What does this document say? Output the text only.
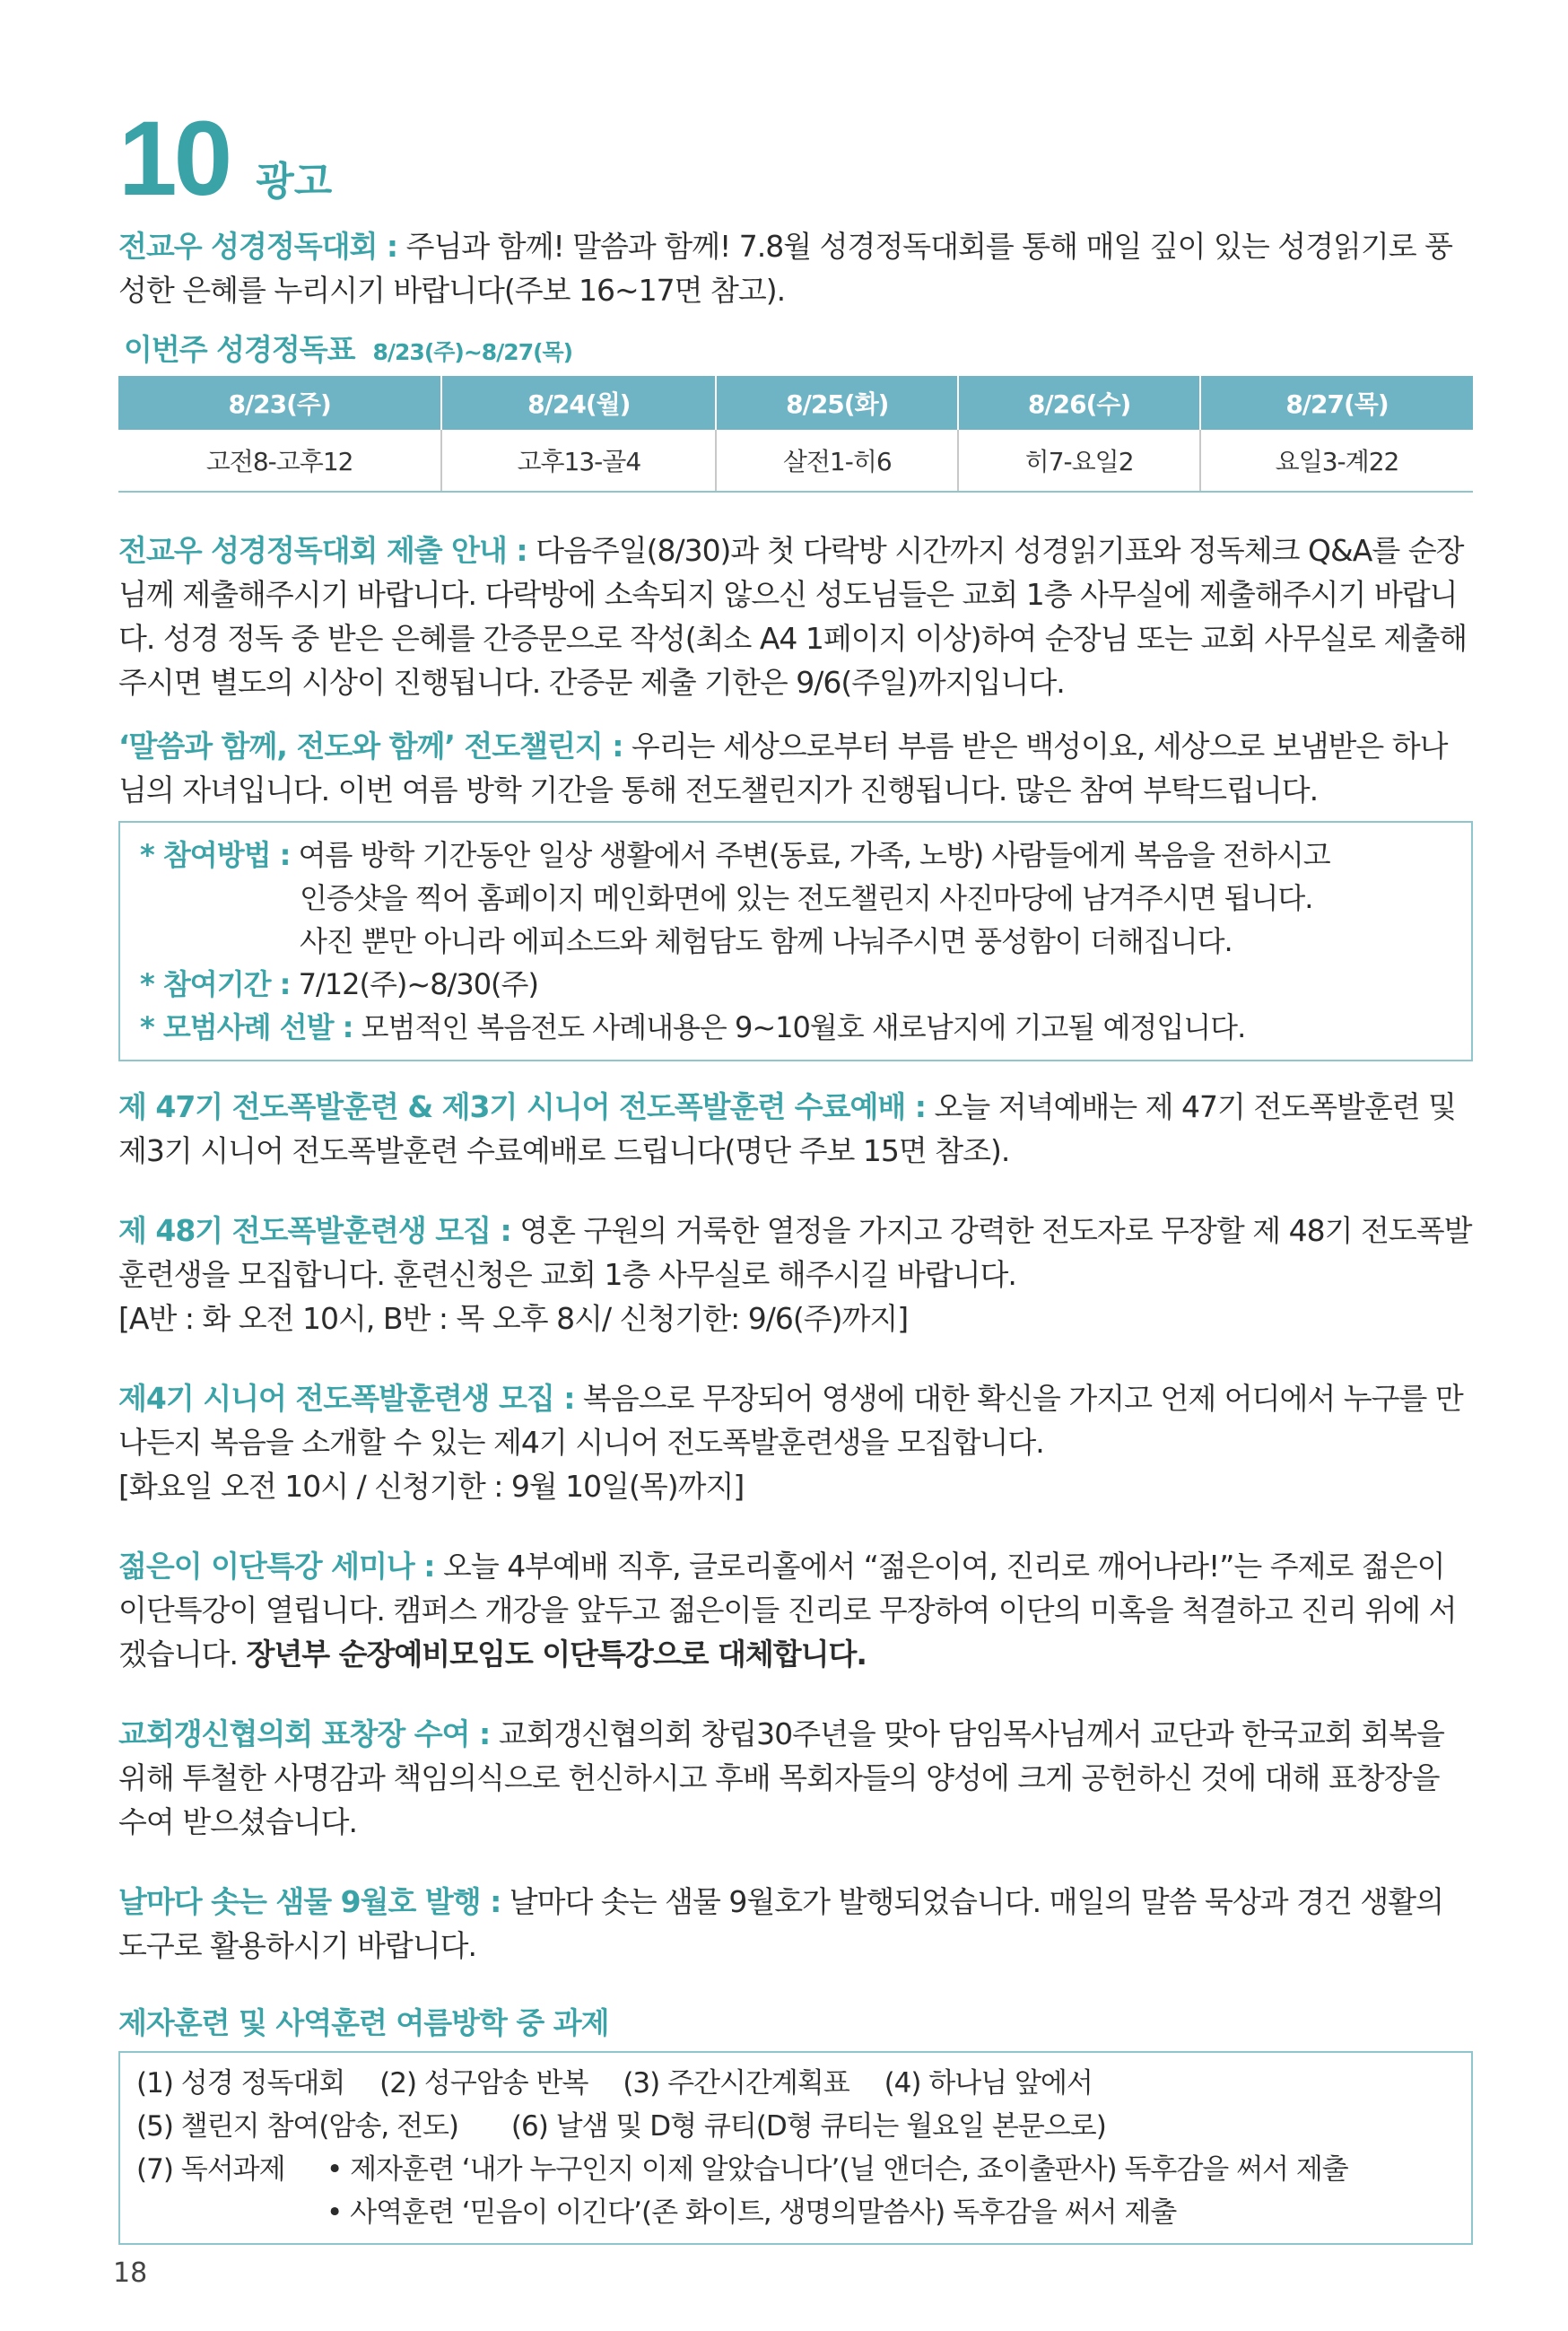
10 광고

전교우 성경정독대회 : 주님과 함께! 말씀과 함께! 7.8월 성경정독대회를 통해 매일 깊이 있는 성경읽기로 풍성한 은혜를 누리시기 바랍니다(주보 16~17면 참고).

이번주 성경정독표 8/23(주)~8/27(목)
8/23(주)	8/24(월)	8/25(화)	8/26(수)	8/27(목)
고전8-고후12	고후13-골4	살전1-히6	히7-요일2	요일3-계22

전교우 성경정독대회 제출 안내 : 다음주일(8/30)과 첫 다락방 시간까지 성경읽기표와 정독체크 Q&A를 순장님께 제출해주시기 바랍니다. 다락방에 소속되지 않으신 성도님들은 교회 1층 사무실에 제출해주시기 바랍니다. 성경 정독 중 받은 은혜를 간증문으로 작성(최소 A4 1페이지 이상)하여 순장님 또는 교회 사무실로 제출해주시면 별도의 시상이 진행됩니다. 간증문 제출 기한은 9/6(주일)까지입니다.

‘말씀과 함께, 전도와 함께’ 전도챌린지 : 우리는 세상으로부터 부름 받은 백성이요, 세상으로 보냄받은 하나님의 자녀입니다. 이번 여름 방학 기간을 통해 전도챌린지가 진행됩니다. 많은 참여 부탁드립니다.

* 참여방법 : 여름 방학 기간동안 일상 생활에서 주변(동료, 가족, 노방) 사람들에게 복음을 전하시고
인증샷을 찍어 홈페이지 메인화면에 있는 전도챌린지 사진마당에 남겨주시면 됩니다.
사진 뿐만 아니라 에피소드와 체험담도 함께 나눠주시면 풍성함이 더해집니다.
* 참여기간 : 7/12(주)~8/30(주)
* 모범사례 선발 : 모범적인 복음전도 사례내용은 9~10월호 새로남지에 기고될 예정입니다.

제 47기 전도폭발훈련 & 제3기 시니어 전도폭발훈련 수료예배 : 오늘 저녁예배는 제 47기 전도폭발훈련 및 제3기 시니어 전도폭발훈련 수료예배로 드립니다(명단 주보 15면 참조).

제 48기 전도폭발훈련생 모집 : 영혼 구원의 거룩한 열정을 가지고 강력한 전도자로 무장할 제 48기 전도폭발훈련생을 모집합니다. 훈련신청은 교회 1층 사무실로 해주시길 바랍니다.

[A반 : 화 오전 10시, B반 : 목 오후 8시/ 신청기한: 9/6(주)까지]

제4기 시니어 전도폭발훈련생 모집 : 복음으로 무장되어 영생에 대한 확신을 가지고 언제 어디에서 누구를 만나든지 복음을 소개할 수 있는 제4기 시니어 전도폭발훈련생을 모집합니다.

[화요일 오전 10시 / 신청기한 : 9월 10일(목)까지]

젊은이 이단특강 세미나 : 오늘 4부예배 직후, 글로리홀에서 “젊은이여, 진리로 깨어나라!”는 주제로 젊은이 이단특강이 열립니다. 캠퍼스 개강을 앞두고 젊은이들 진리로 무장하여 이단의 미혹을 척결하고 진리 위에 서겠습니다. 장년부 순장예비모임도 이단특강으로 대체합니다.

교회갱신협의회 표창장 수여 : 교회갱신협의회 창립30주년을 맞아 담임목사님께서 교단과 한국교회 회복을 위해 투철한 사명감과 책임의식으로 헌신하시고 후배 목회자들의 양성에 크게 공헌하신 것에 대해 표창장을 수여 받으셨습니다.

날마다 솟는 샘물 9월호 발행 : 날마다 솟는 샘물 9월호가 발행되었습니다. 매일의 말씀 묵상과 경건 생활의 도구로 활용하시기 바랍니다.

제자훈련 및 사역훈련 여름방학 중 과제
(1) 성경 정독대회 (2) 성구암송 반복 (3) 주간시간계획표 (4) 하나님 앞에서
(5) 챌린지 참여(암송, 전도) (6) 날샘 및 D형 큐티(D형 큐티는 월요일 본문으로)
(7) 독서과제 • 제자훈련 ‘내가 누구인지 이제 알았습니다’(닐 앤더슨, 죠이출판사) 독후감을 써서 제출
• 사역훈련 ‘믿음이 이긴다’(존 화이트, 생명의말씀사) 독후감을 써서 제출
18
